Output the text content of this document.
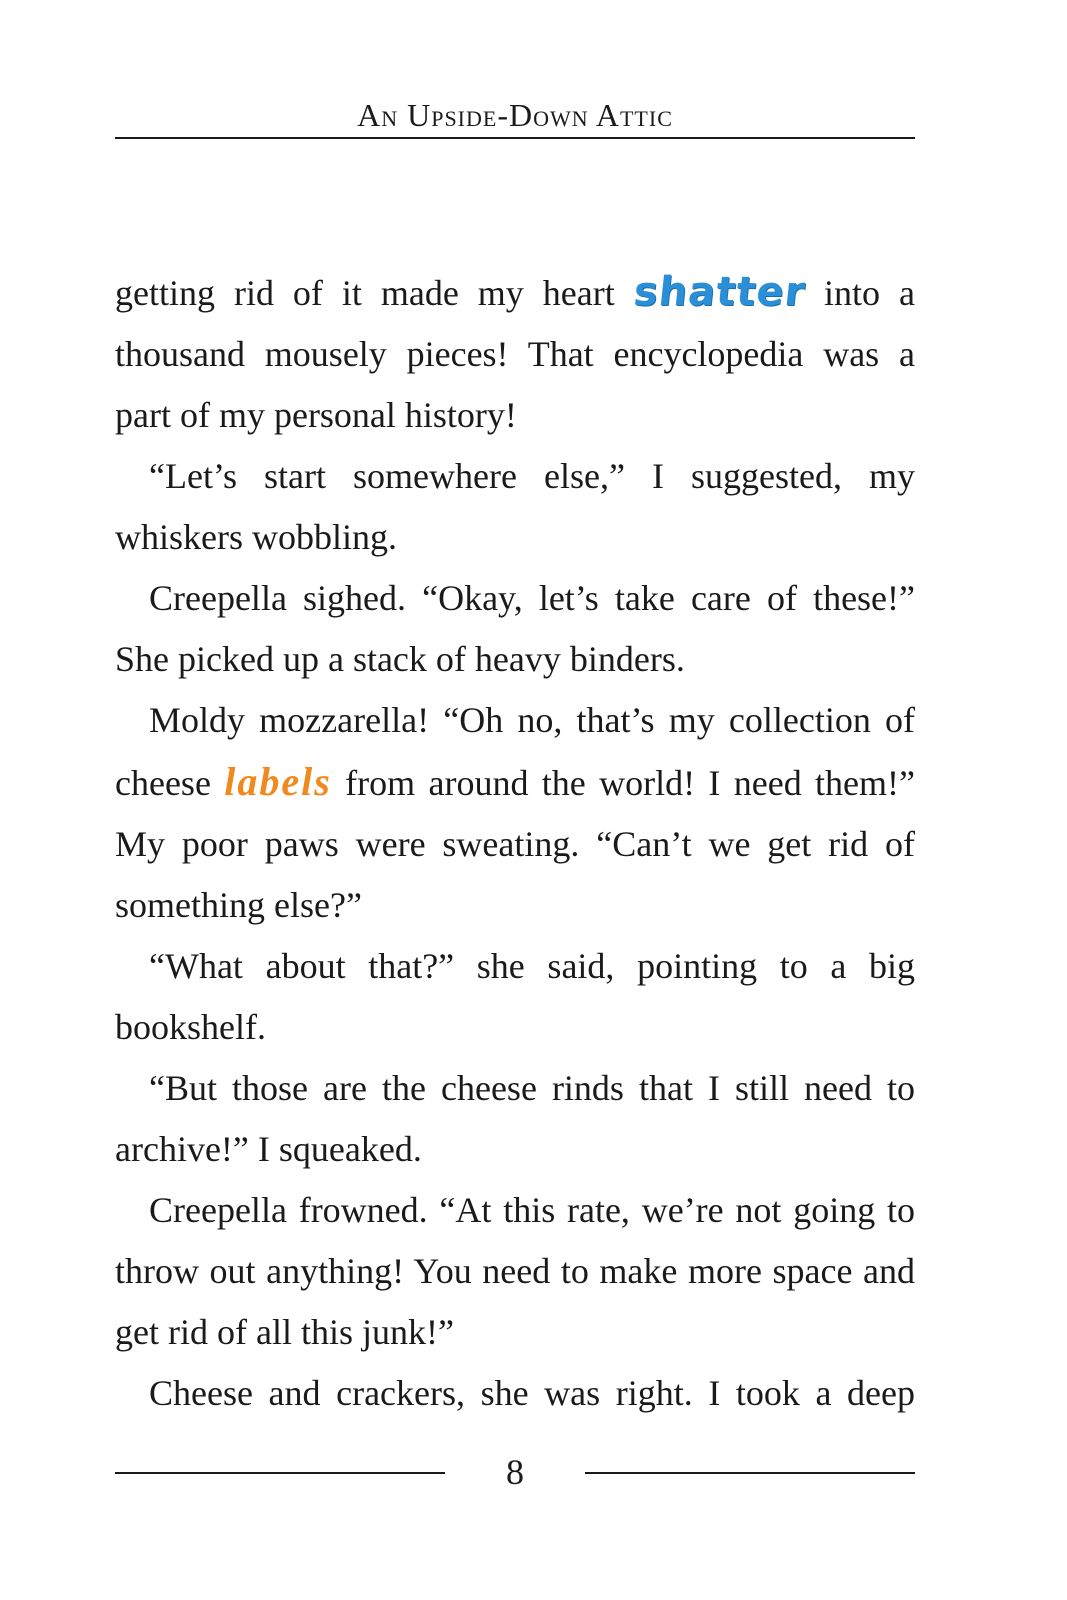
An Upside-Down Attic

getting rid of it made my heart shatter into a thousand mousely pieces! That encyclopedia was a part of my personal history!

“Let’s start somewhere else,” I suggested, my whiskers wobbling.

Creepella sighed. “Okay, let’s take care of these!” She picked up a stack of heavy binders.

Moldy mozzarella! “Oh no, that’s my collection of cheese labels from around the world! I need them!” My poor paws were sweating. “Can’t we get rid of something else?”

“What about that?” she said, pointing to a big bookshelf.

“But those are the cheese rinds that I still need to archive!” I squeaked.

Creepella frowned. “At this rate, we’re not going to throw out anything! You need to make more space and get rid of all this junk!”

Cheese and crackers, she was right. I took a deep

8
